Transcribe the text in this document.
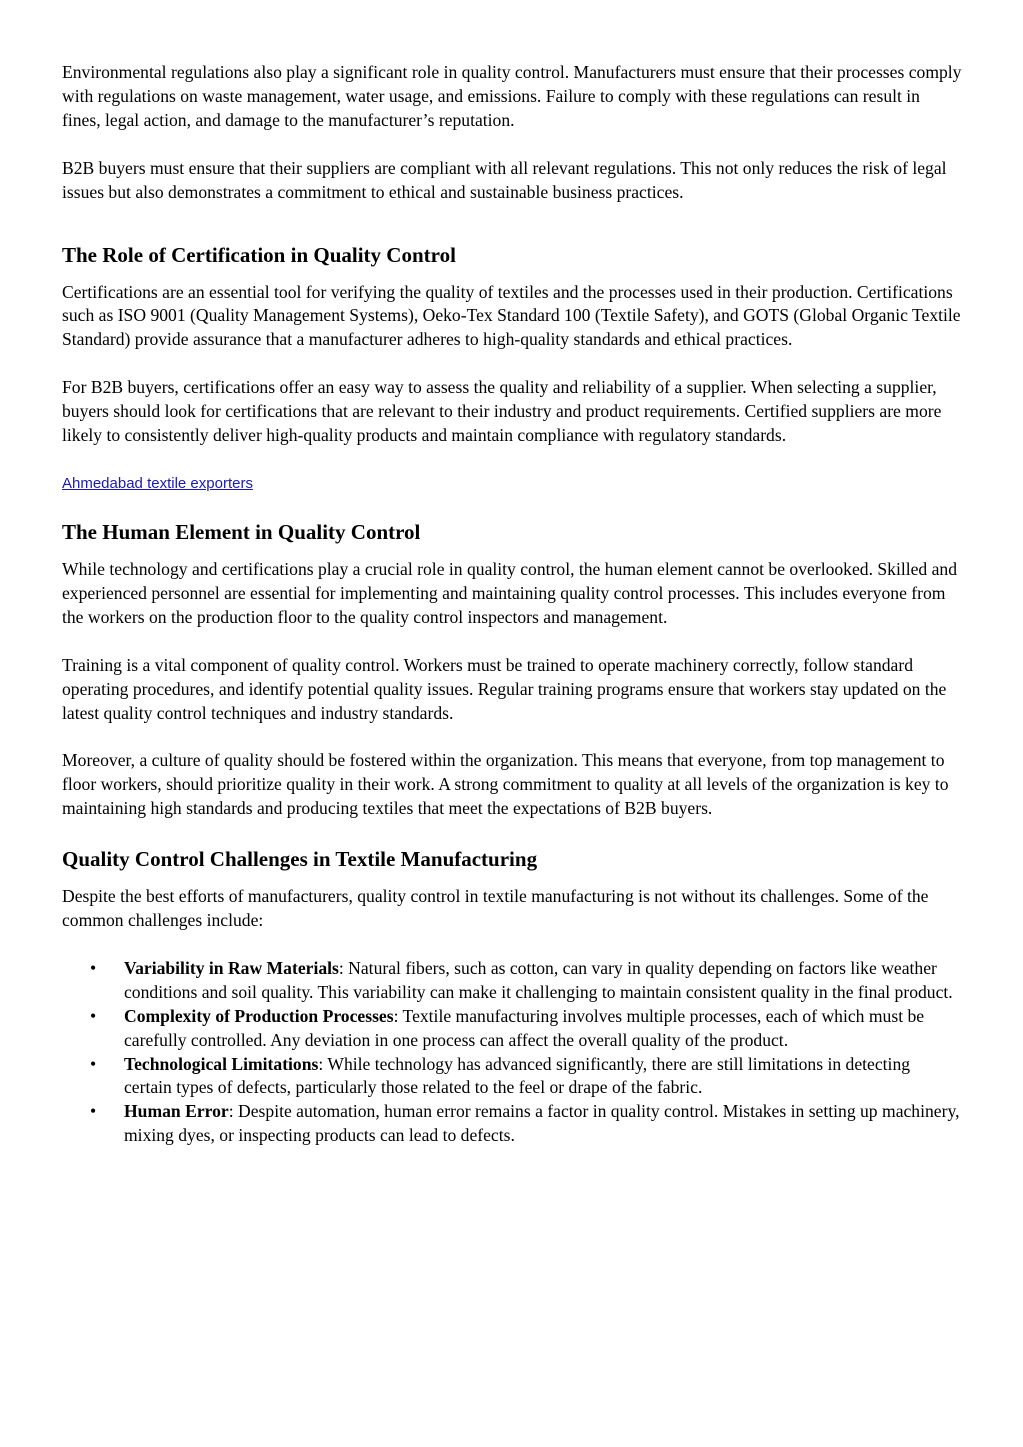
Environmental regulations also play a significant role in quality control. Manufacturers must ensure that their processes comply with regulations on waste management, water usage, and emissions. Failure to comply with these regulations can result in fines, legal action, and damage to the manufacturer’s reputation.

B2B buyers must ensure that their suppliers are compliant with all relevant regulations. This not only reduces the risk of legal issues but also demonstrates a commitment to ethical and sustainable business practices.

The Role of Certification in Quality Control

Certifications are an essential tool for verifying the quality of textiles and the processes used in their production. Certifications such as ISO 9001 (Quality Management Systems), Oeko-Tex Standard 100 (Textile Safety), and GOTS (Global Organic Textile Standard) provide assurance that a manufacturer adheres to high-quality standards and ethical practices.

For B2B buyers, certifications offer an easy way to assess the quality and reliability of a supplier. When selecting a supplier, buyers should look for certifications that are relevant to their industry and product requirements. Certified suppliers are more likely to consistently deliver high-quality products and maintain compliance with regulatory standards.

Ahmedabad textile exporters
The Human Element in Quality Control

While technology and certifications play a crucial role in quality control, the human element cannot be overlooked. Skilled and experienced personnel are essential for implementing and maintaining quality control processes. This includes everyone from the workers on the production floor to the quality control inspectors and management.

Training is a vital component of quality control. Workers must be trained to operate machinery correctly, follow standard operating procedures, and identify potential quality issues. Regular training programs ensure that workers stay updated on the latest quality control techniques and industry standards.

Moreover, a culture of quality should be fostered within the organization. This means that everyone, from top management to floor workers, should prioritize quality in their work. A strong commitment to quality at all levels of the organization is key to maintaining high standards and producing textiles that meet the expectations of B2B buyers.

Quality Control Challenges in Textile Manufacturing

Despite the best efforts of manufacturers, quality control in textile manufacturing is not without its challenges. Some of the common challenges include:

• Variability in Raw Materials: Natural fibers, such as cotton, can vary in quality depending on factors like weather conditions and soil quality. This variability can make it challenging to maintain consistent quality in the final product.
• Complexity of Production Processes: Textile manufacturing involves multiple processes, each of which must be carefully controlled. Any deviation in one process can affect the overall quality of the product.
• Technological Limitations: While technology has advanced significantly, there are still limitations in detecting certain types of defects, particularly those related to the feel or drape of the fabric.
• Human Error: Despite automation, human error remains a factor in quality control. Mistakes in setting up machinery, mixing dyes, or inspecting products can lead to defects.
